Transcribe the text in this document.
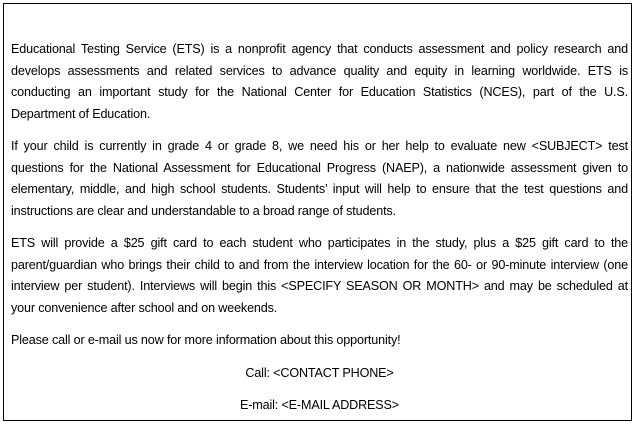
Educational Testing Service (ETS) is a nonprofit agency that conducts assessment and policy research and develops assessments and related services to advance quality and equity in learning worldwide. ETS is conducting an important study for the National Center for Education Statistics (NCES), part of the U.S. Department of Education.

If your child is currently in grade 4 or grade 8, we need his or her help to evaluate new <SUBJECT> test questions for the National Assessment for Educational Progress (NAEP), a nationwide assessment given to elementary, middle, and high school students. Students’ input will help to ensure that the test questions and instructions are clear and understandable to a broad range of students.

ETS will provide a $25 gift card to each student who participates in the study, plus a $25 gift card to the parent/guardian who brings their child to and from the interview location for the 60- or 90-minute interview (one interview per student). Interviews will begin this <SPECIFY SEASON OR MONTH> and may be scheduled at your convenience after school and on weekends.

Please call or e-mail us now for more information about this opportunity!

Call: <CONTACT PHONE>

E-mail: <E-MAIL ADDRESS>
